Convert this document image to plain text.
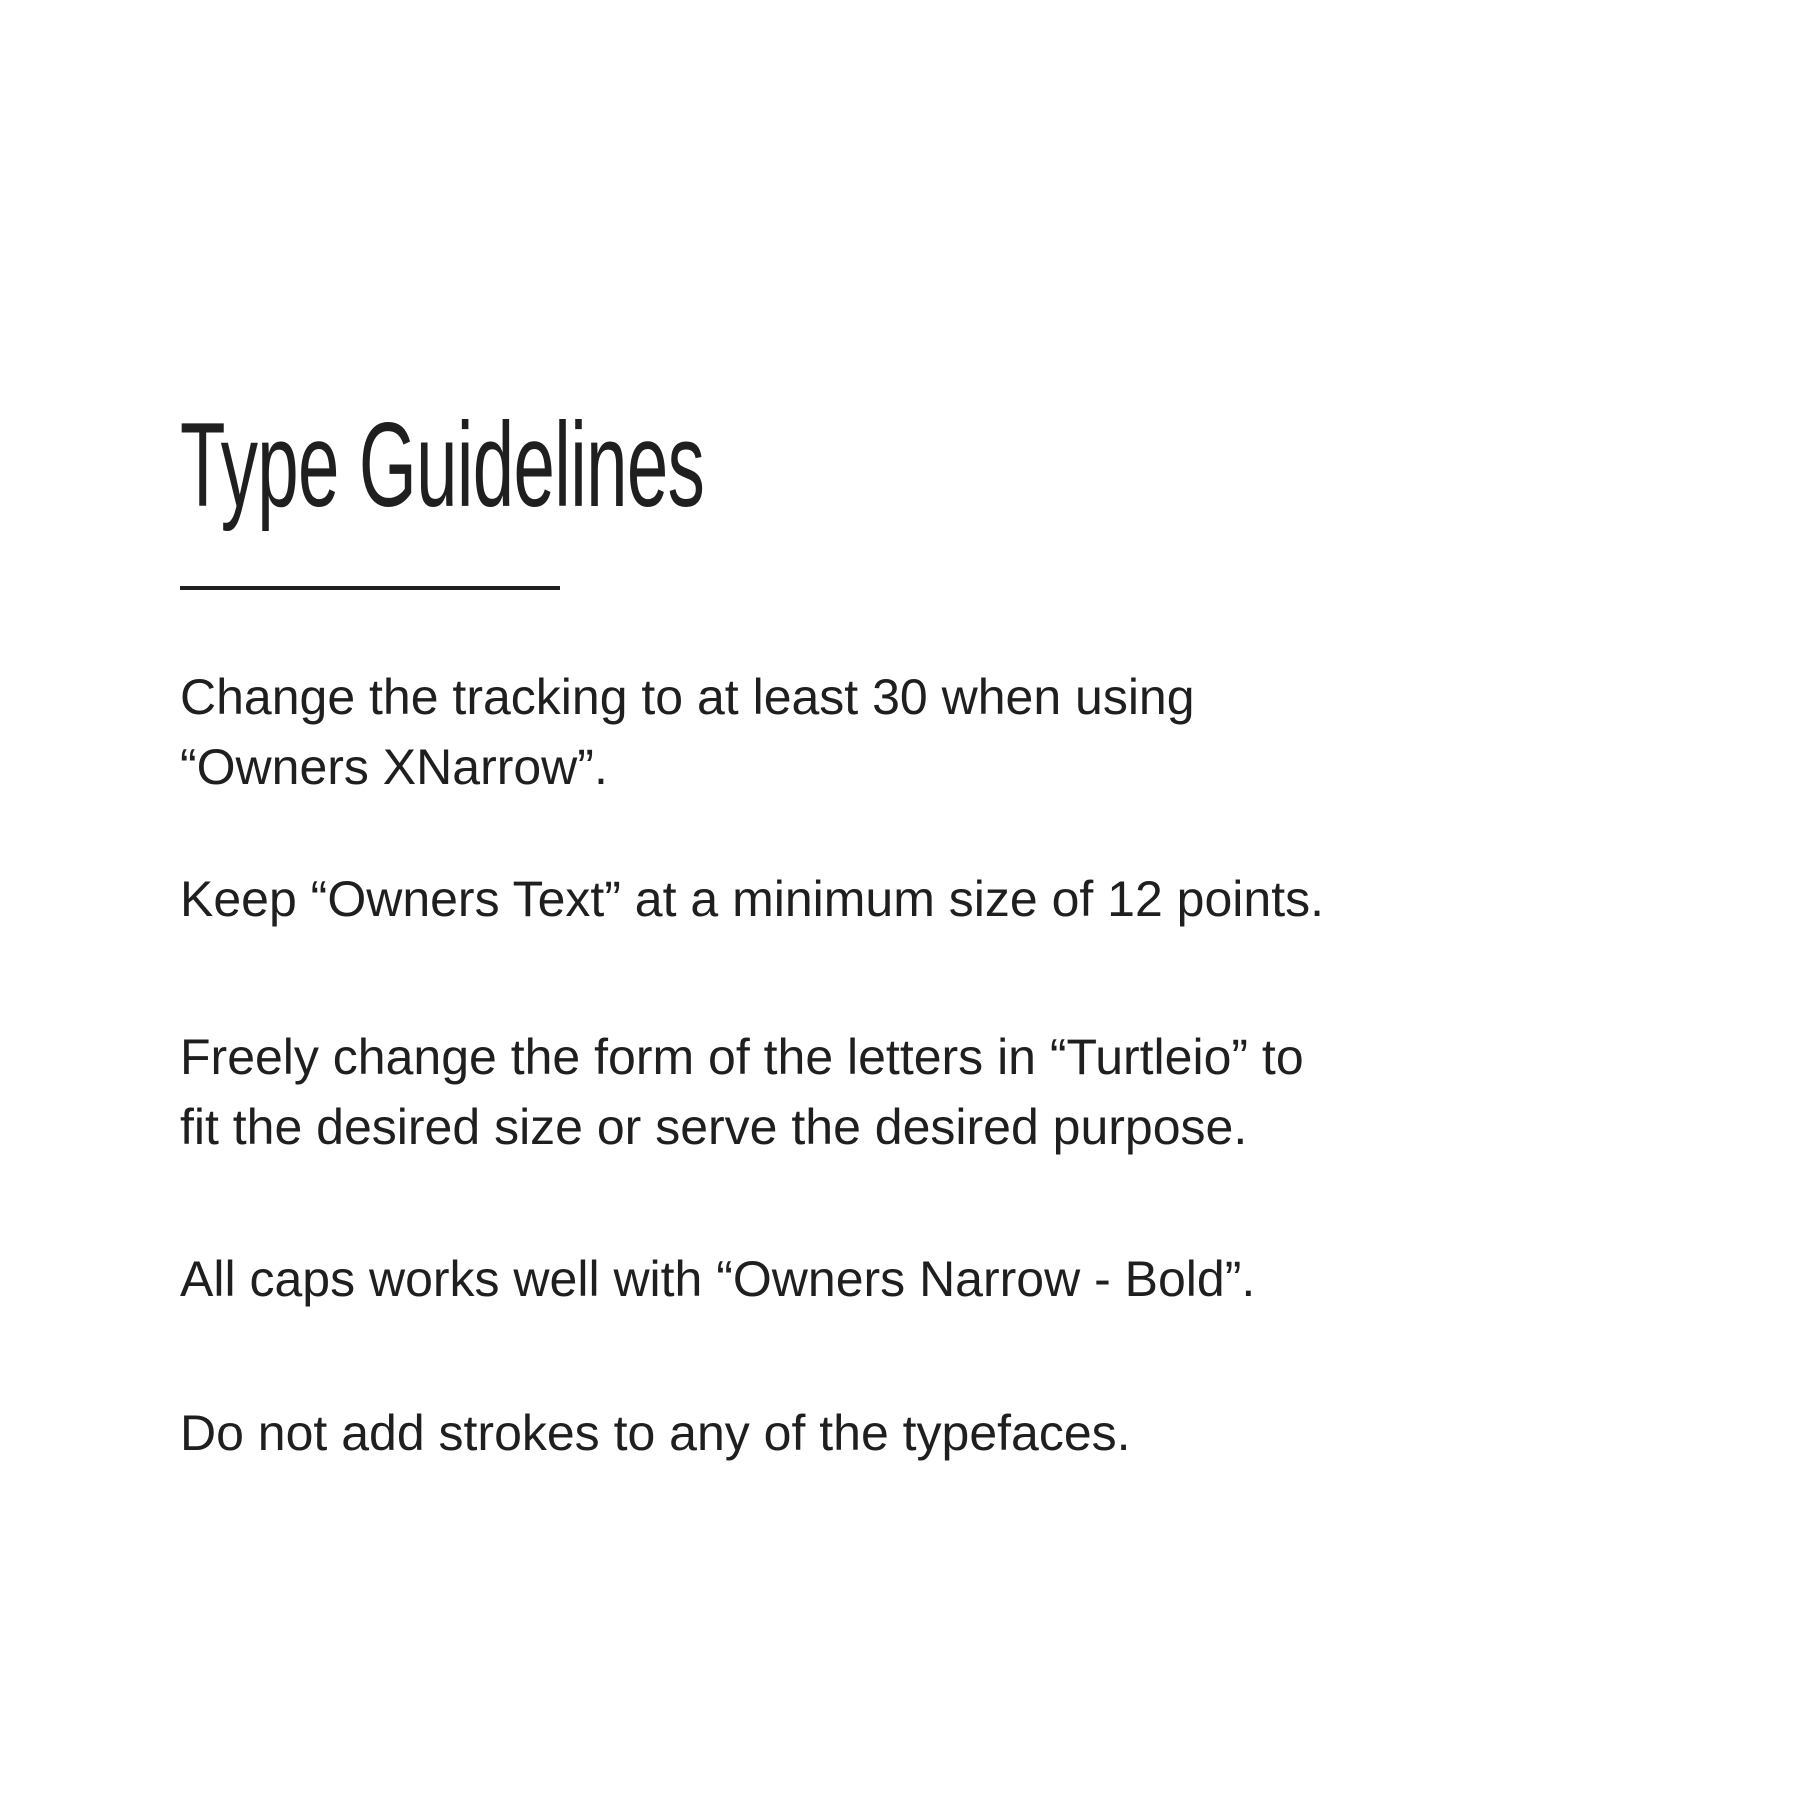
Type Guidelines

Change the tracking to at least 30 when using
“Owners XNarrow”.

Keep “Owners Text” at a minimum size of 12 points.

Freely change the form of the letters in “Turtleio” to
fit the desired size or serve the desired purpose.

All caps works well with “Owners Narrow - Bold”.

Do not add strokes to any of the typefaces.
